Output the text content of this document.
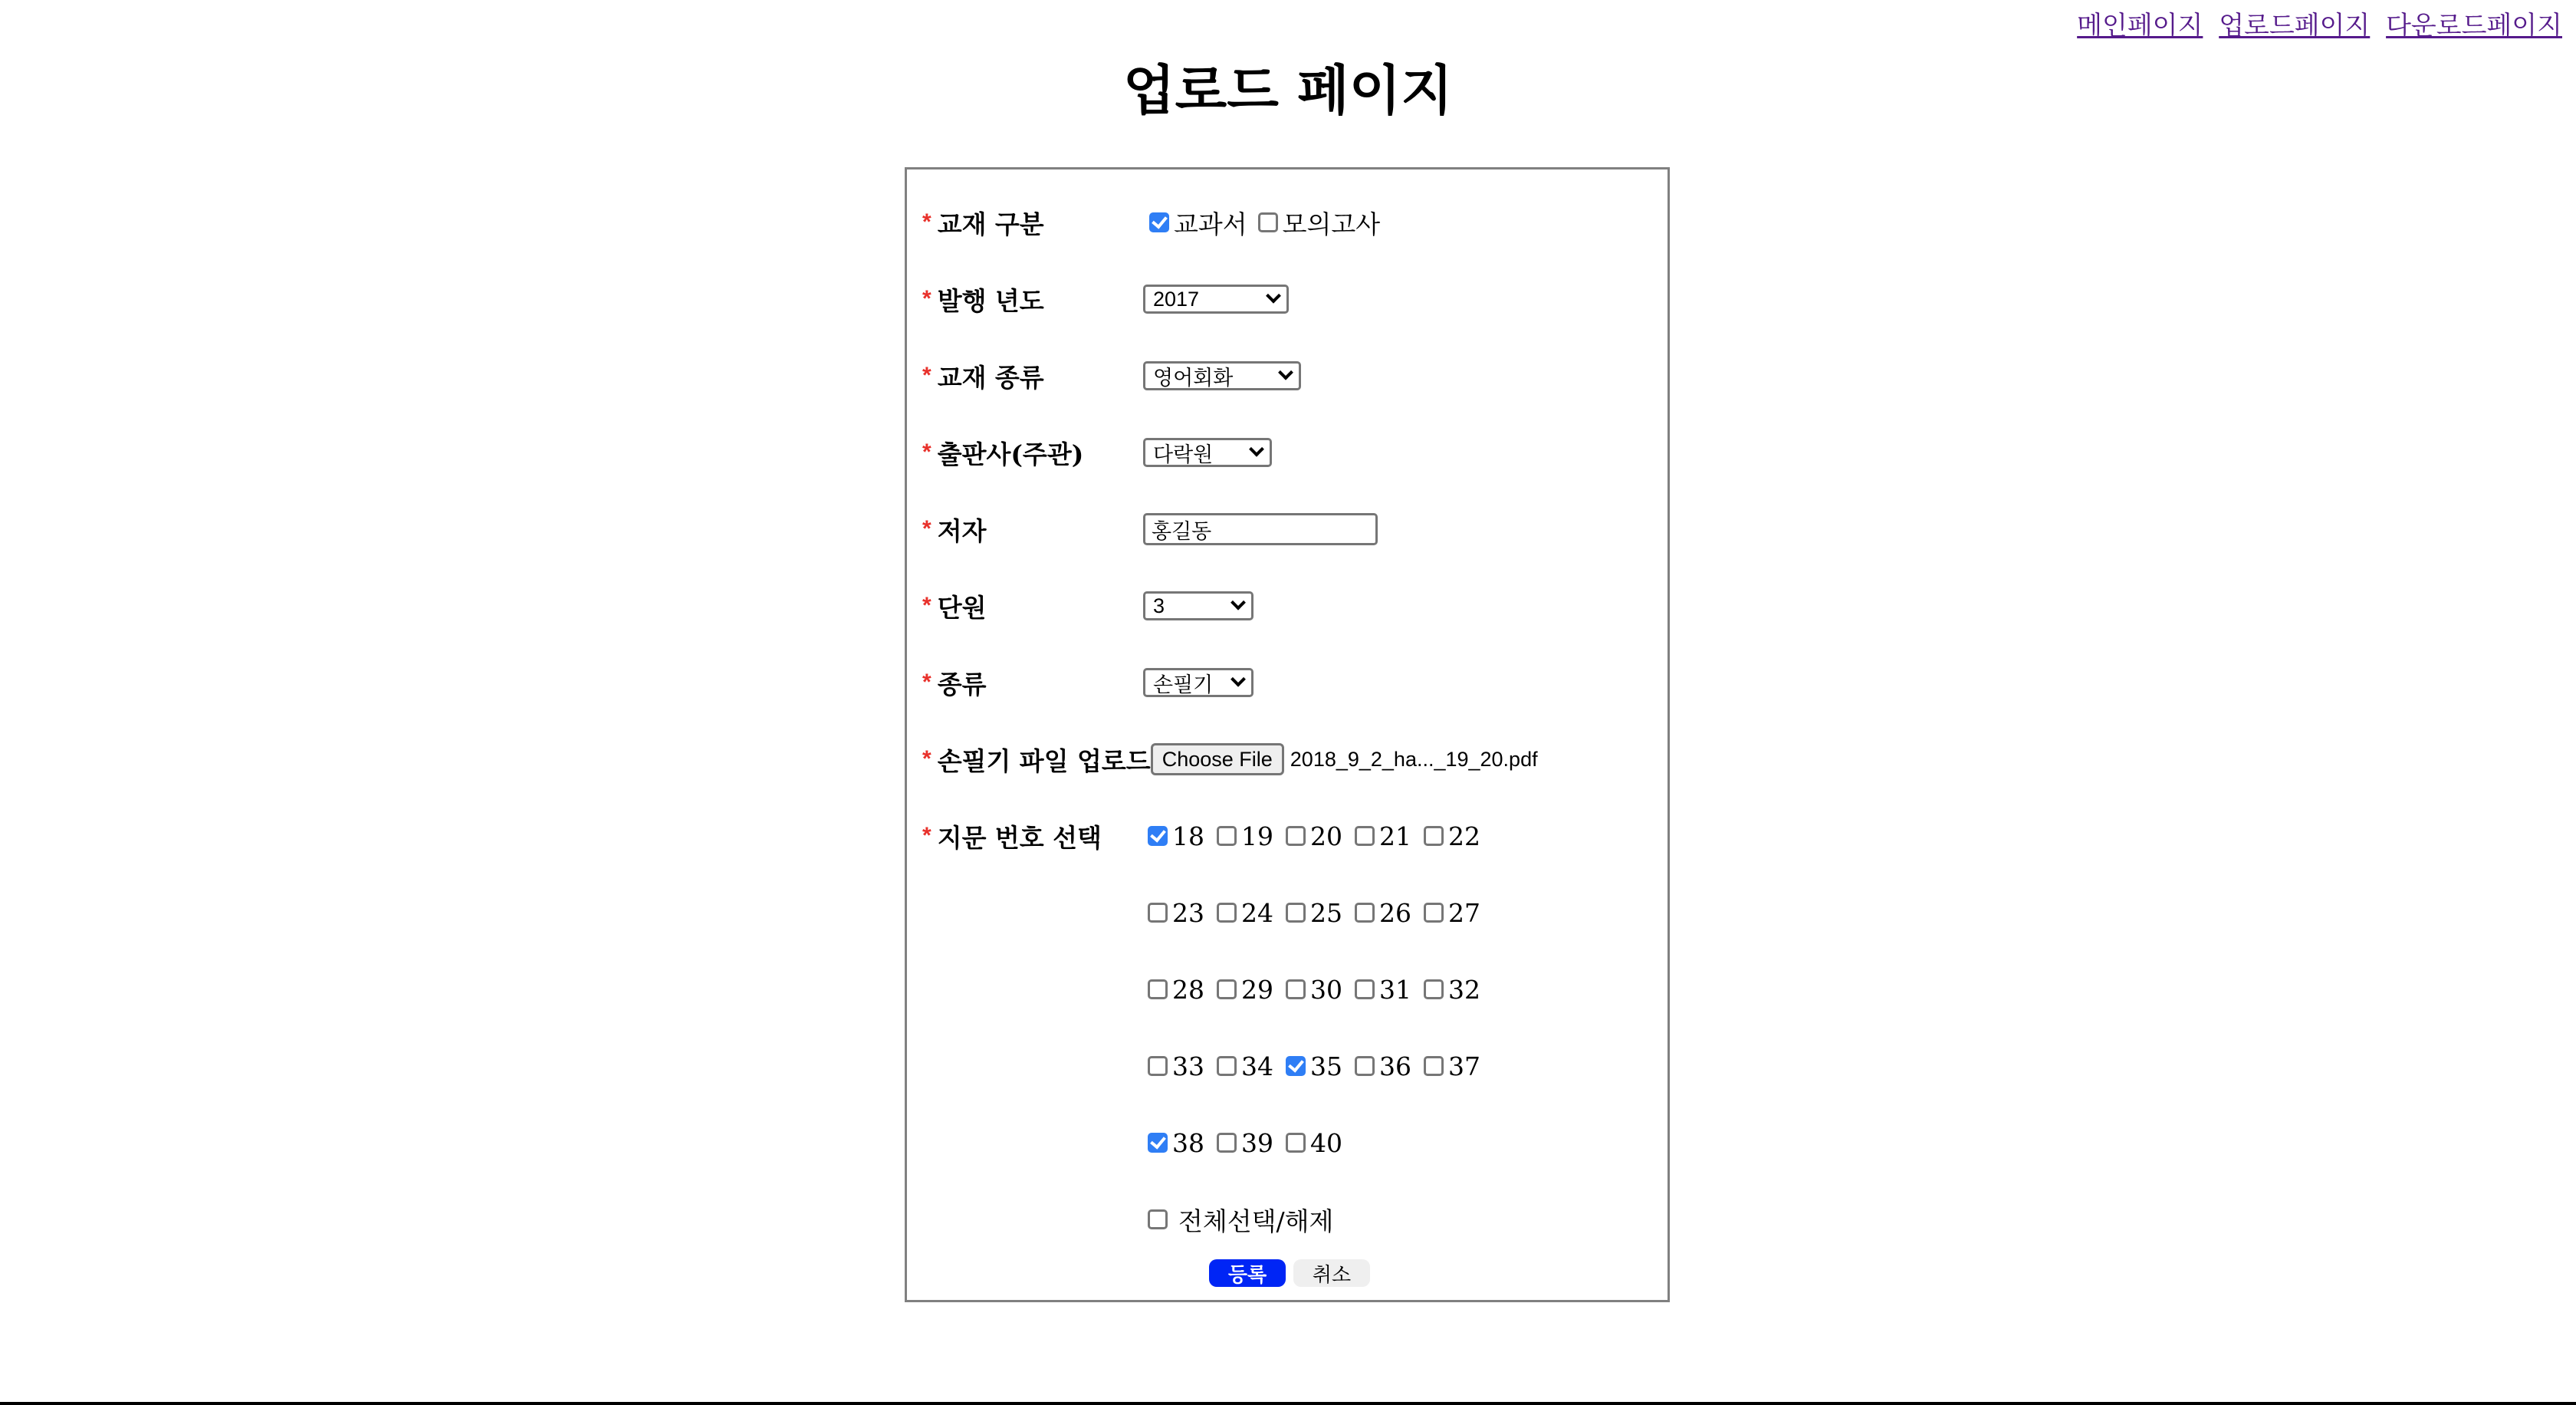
메인페이지 업로드페이지 다운로드페이지
업로드 페이지
* 교재 구분	교과서 모의고사
* 발행 년도	2017
* 교재 종류	영어회화
* 출판사(주관)	다락원
* 저자	홍길동
* 단원	3
* 종류	손필기
* 손필기 파일 업로드 Choose File 2018_9_2_ha..._19_20.pdf
* 지문 번호 선택	18 19 20 21 22
23 24 25 26 27
28 29 30 31 32
33 34 35 36 37
38 39 40
전체선택/해제
등록	취소
